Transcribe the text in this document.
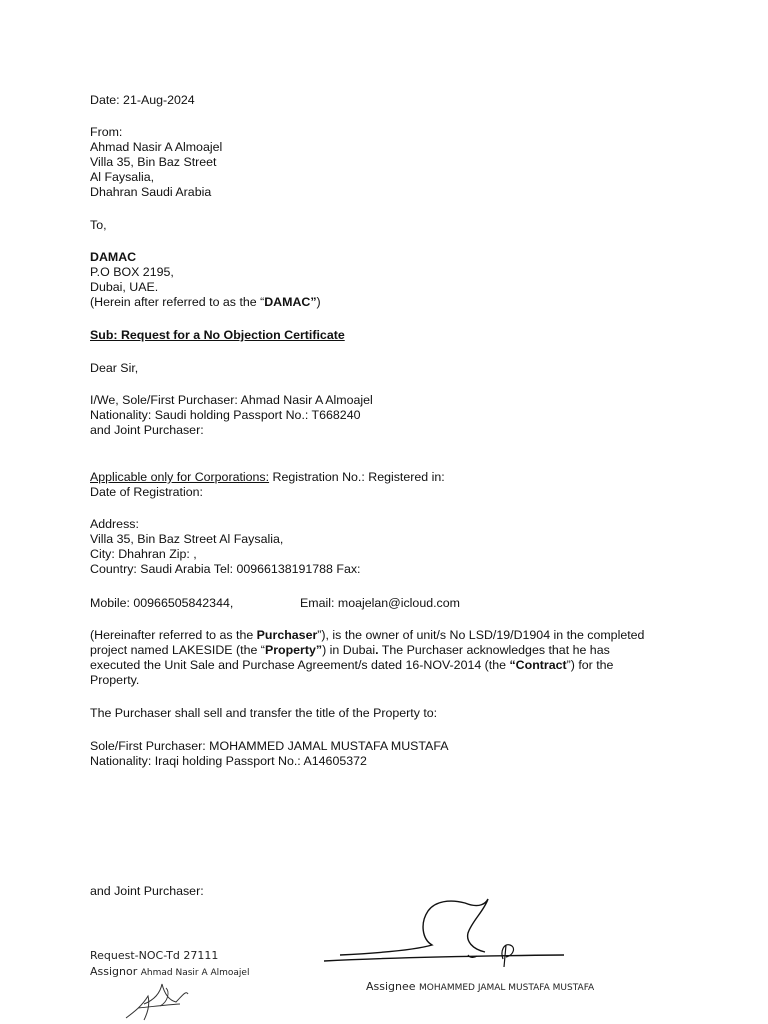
Date: 21-Aug-2024
From:
Ahmad Nasir A Almoajel
Villa 35, Bin Baz Street
Al Faysalia,
Dhahran Saudi Arabia
To,
DAMAC
P.O BOX 2195,
Dubai, UAE.
(Herein after referred to as the “DAMAC”)
Sub: Request for a No Objection Certificate
Dear Sir,
I/We, Sole/First Purchaser: Ahmad Nasir A Almoajel
Nationality: Saudi holding Passport No.: T668240
and Joint Purchaser:
Applicable only for Corporations: Registration No.: Registered in:
Date of Registration:
Address:
Villa 35, Bin Baz Street Al Faysalia,
City: Dhahran Zip: ,
Country: Saudi Arabia Tel: 00966138191788 Fax:
Mobile: 00966505842344,	Email: moajelan@icloud.com
(Hereinafter referred to as the Purchaser”), is the owner of unit/s No LSD/19/D1904 in the completed
project named LAKESIDE (the “Property”) in Dubai. The Purchaser acknowledges that he has
executed the Unit Sale and Purchase Agreement/s dated 16-NOV-2014 (the “Contract”) for the
Property.
The Purchaser shall sell and transfer the title of the Property to:
Sole/First Purchaser: MOHAMMED JAMAL MUSTAFA MUSTAFA
Nationality: Iraqi holding Passport No.: A14605372
and Joint Purchaser:
Request-NOC-Td 27111
Assignor Ahmad Nasir A Almoajel
Assignee MOHAMMED JAMAL MUSTAFA MUSTAFA
